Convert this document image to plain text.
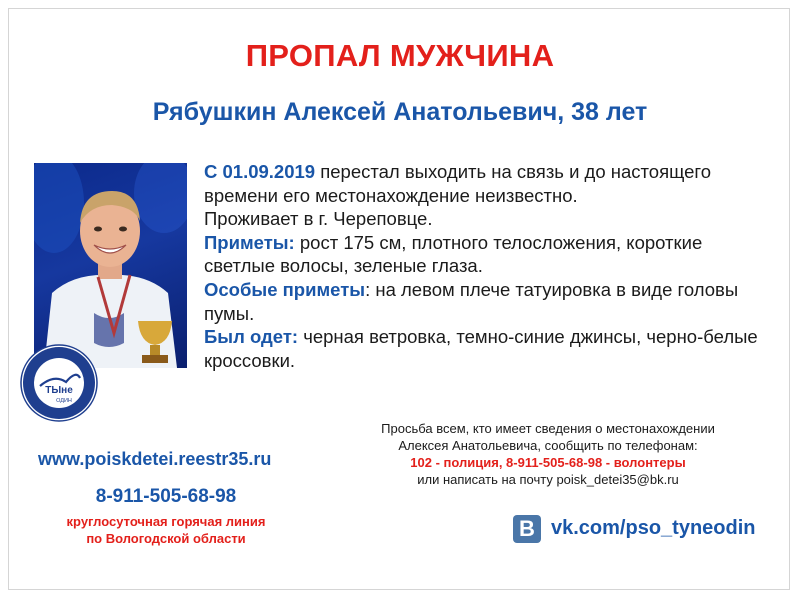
ПРОПАЛ МУЖЧИНА
Рябушкин Алексей Анатольевич, 38 лет
ТЫне
ОДИН

С 01.09.2019 перестал выходить на связь и до настоящего времени его местонахождение неизвестно.

Проживает в г. Череповце.

Приметы: рост 175 см, плотного телосложения, короткие светлые волосы, зеленые глаза.

Особые приметы: на левом плече татуировка в виде головы пумы.

Был одет: черная ветровка, темно-синие джинсы, черно-белые кроссовки.

Просьба всем, кто имеет сведения о местонахождении
Алексея Анатольевича, сообщить по телефонам:
102 - полиция, 8-911-505-68-98 - волонтеры
или написать на почту poisk_detei35@bk.ru
www.poiskdetei.reestr35.ru
8-911-505-68-98
круглосуточная горячая линия
по Вологодской области	B vk.com/pso_tyneodin
